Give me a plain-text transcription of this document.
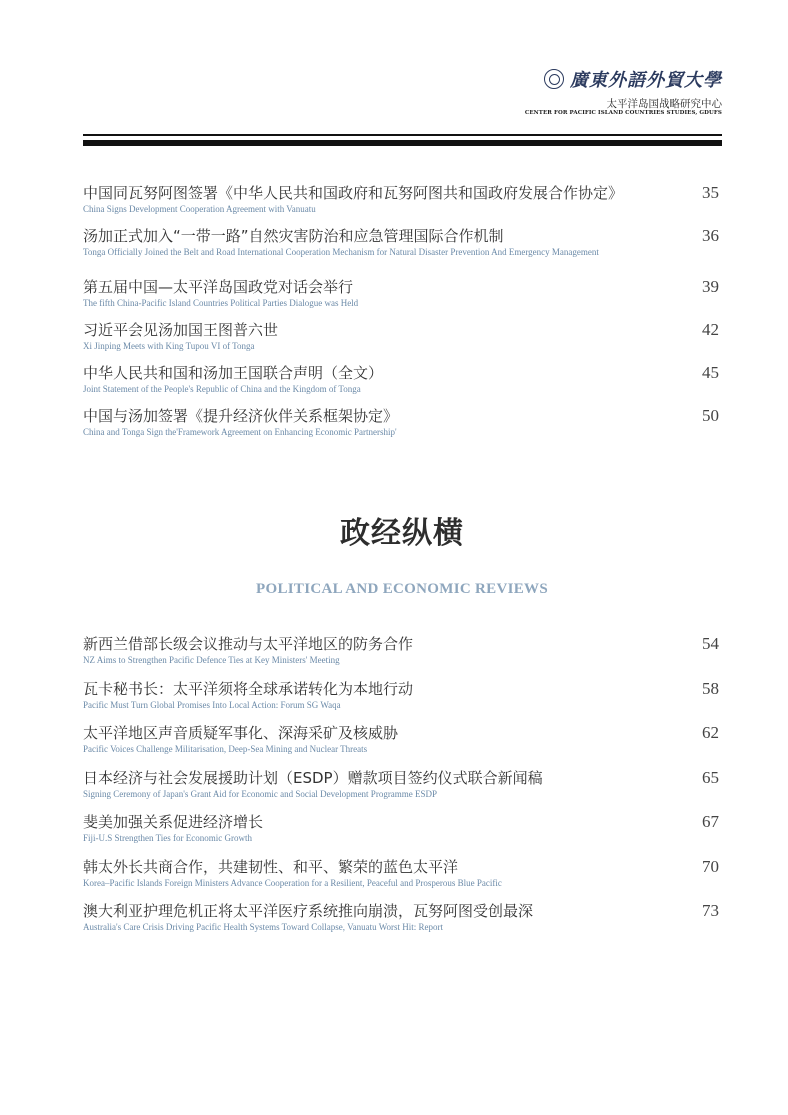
廣東外語外貿大學
太平洋岛国战略研究中心
CENTER FOR PACIFIC ISLAND COUNTRIES STUDIES, GDUFS
中国同瓦努阿图签署《中华人民共和国政府和瓦努阿图共和国政府发展合作协定》
China Signs Development Cooperation Agreement with Vanuatu
35
汤加正式加入“一带一路”自然灾害防治和应急管理国际合作机制
Tonga Officially Joined the Belt and Road International Cooperation Mechanism for Natural Disaster Prevention And Emergency Management
36
第五届中国—太平洋岛国政党对话会举行
The fifth China-Pacific Island Countries Political Parties Dialogue was Held
39
习近平会见汤加国王图普六世
Xi Jinping Meets with King Tupou VI of Tonga
42
中华人民共和国和汤加王国联合声明（全文）
Joint Statement of the People's Republic of China and the Kingdom of Tonga
45
中国与汤加签署《提升经济伙伴关系框架协定》
China and Tonga Sign the'Framework Agreement on Enhancing Economic Partnership'
50
政经纵横
POLITICAL AND ECONOMIC REVIEWS
新西兰借部长级会议推动与太平洋地区的防务合作
NZ Aims to Strengthen Pacific Defence Ties at Key Ministers' Meeting
54
瓦卡秘书长：太平洋须将全球承诺转化为本地行动
Pacific Must Turn Global Promises Into Local Action: Forum SG Waqa
58
太平洋地区声音质疑军事化、深海采矿及核威胁
Pacific Voices Challenge Militarisation, Deep-Sea Mining and Nuclear Threats
62
日本经济与社会发展援助计划（ESDP）赠款项目签约仪式联合新闻稿
Signing Ceremony of Japan's Grant Aid for Economic and Social Development Programme ESDP
65
斐美加强关系促进经济增长
Fiji-U.S Strengthen Ties for Economic Growth
67
韩太外长共商合作，共建韧性、和平、繁荣的蓝色太平洋
Korea–Pacific Islands Foreign Ministers Advance Cooperation for a Resilient, Peaceful and Prosperous Blue Pacific
70
澳大利亚护理危机正将太平洋医疗系统推向崩溃，瓦努阿图受创最深
Australia's Care Crisis Driving Pacific Health Systems Toward Collapse, Vanuatu Worst Hit: Report
73
